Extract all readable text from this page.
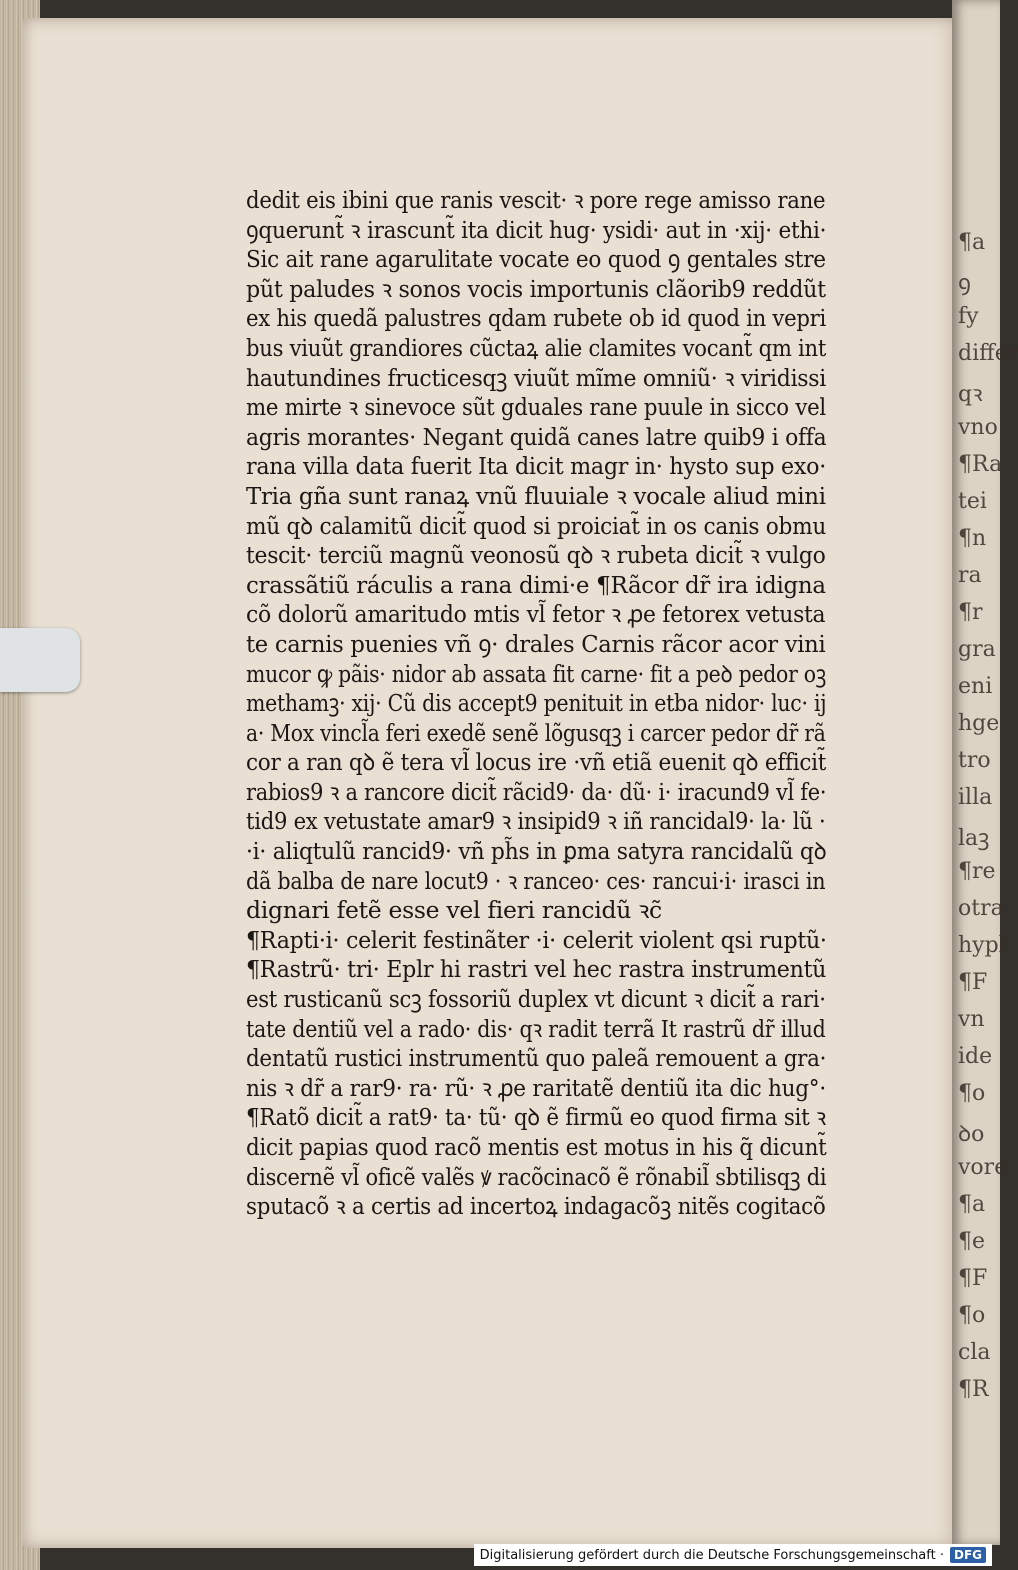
¶a
ꝯ
fy
differ
qꝛ
vno
¶Ra
tei
¶n
ra
¶r
gra
eni
hge
tro
illa
laꝫ
¶re
otra
hypl
¶F
vn
ide
¶o
ꝺo
vore
¶a
¶e
¶F
¶o
cla
¶R
dedit eis ibini que ranis vescit· ꝛ pore rege amisso rane
ꝯquerunt̃ ꝛ irascunt̃ ita dicit hug· ysidi· aut in ·xij· ethi·
Sic ait rane agarulitate vocate eo quod ꝯ gentales stre
pũt paludes ꝛ sonos vocis importunis clãorib9 reddũt
ex his quedã palustres qdam rubete ob id quod in vepri
bus viuũt grandiores cũctaꝝ alie clamites vocant̃ qm int
hautundines fructicesqꝫ viuũt mĩme omniũ· ꝛ viridissi
me mirte ꝛ sinevoce sũt gduales rane puule in sicco vel
agris morantes· Negant quidã canes latre quib9 i offa
rana villa data fuerit Ita dicit magr in· hysto sup exo·
Tria gña sunt ranaꝝ vnũ fluuiale ꝛ vocale aliud mini
mũ qꝺ calamitũ dicit̃ quod si proiciat̃ in os canis obmu
tescit· terciũ magnũ veonosũ qꝺ ꝛ rubeta dicit̃ ꝛ vulgo
crassãtiũ ráculis a rana dimi·e ¶Rãcor dr̃ ira idigna
cõ dolorũ amaritudo mtis vl̃ fetor ꝛ ꝓe fetorex vetusta
te carnis puenies vñ ꝯ· drales Carnis rãcor acor vini
mucor ꝙ pãis· nidor ab assata fit carne· fit a peꝺ pedor oꝫ
methamꝫ· xij· Cũ dis accept9 penituit in etba nidor· luc· ij
a· Mox vincl̃a feri exedẽ senẽ lõgusqꝫ i carcer pedor dr̃ rã
cor a ran qꝺ ẽ tera vl̃ locus ire ·vñ etiã euenit qꝺ efficit̃
rabios9 ꝛ a rancore dicit̃ rãcid9· da· dũ· i· iracund9 vl̃ fe·
tid9 ex vetustate amar9 ꝛ insipid9 ꝛ iñ rancidal9· la· lũ ·
·i· aliqtulũ rancid9· vñ ph̃s in ꝑma satyra rancidalũ qꝺ
dã balba de nare locut9 · ꝛ ranceo· ces· rancui·i· irasci in
dignari fetẽ esse vel fieri rancidũ ꝛc̃
¶Rapti·i· celerit festinãter ·i· celerit violent qsi ruptũ·
¶Rastrũ· tri· Eplr hi rastri vel hec rastra instrumentũ
est rusticanũ scꝫ fossoriũ duplex vt dicunt ꝛ dicit̃ a rari·
tate dentiũ vel a rado· dis· qꝛ radit terrã It rastrũ dr̃ illud
dentatũ rustici instrumentũ quo paleã remouent a gra·
nis ꝛ dr̃ a rar9· ra· rũ· ꝛ ꝓe raritatẽ dentiũ ita dic hug°·
¶Ratõ dicit̃ a rat9· ta· tũ· qꝺ ẽ firmũ eo quod firma sit ꝛ
dicit papias quod racõ mentis est motus in his q̃ dicunt̃
discernẽ vl̃ oficẽ valẽs ꝟ racõcinacõ ẽ rõnabil̃ sbtilisqꝫ di
sputacõ ꝛ a certis ad incertoꝝ indagacõꝫ nitẽs cogitacõ
Digitalisierung gefördert durch die Deutsche Forschungsgemeinschaft · DFG
